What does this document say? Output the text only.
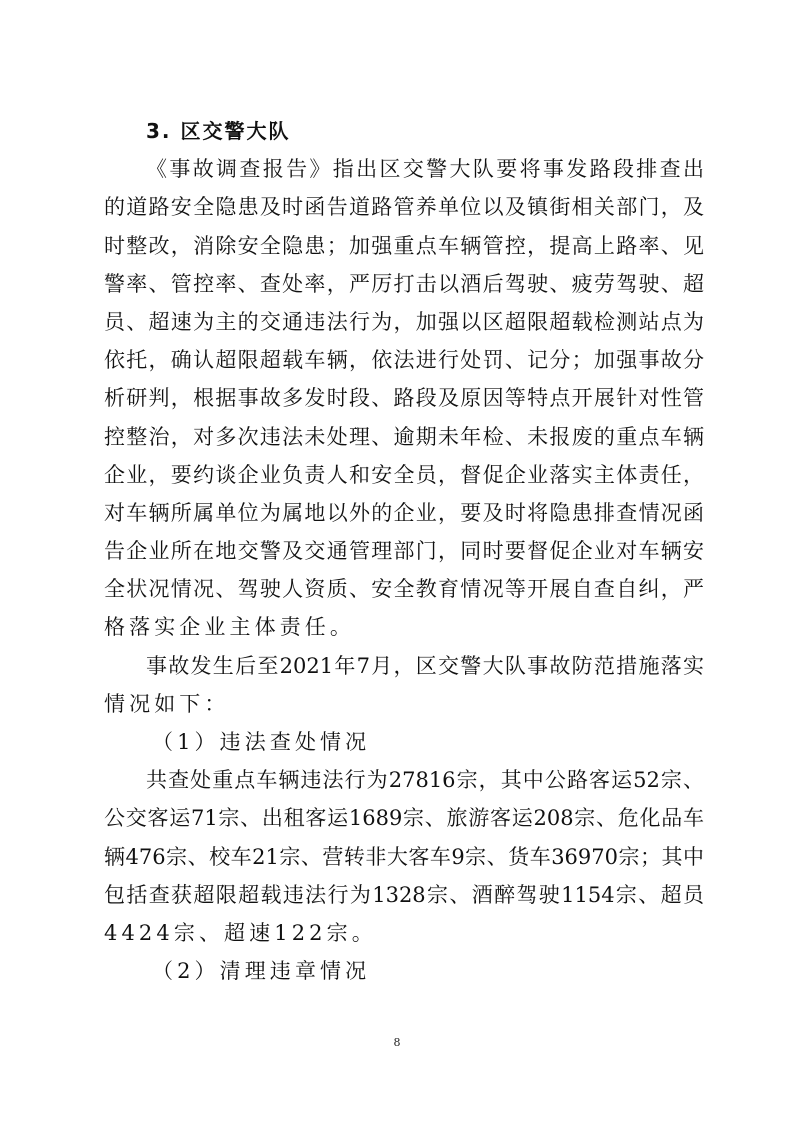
3. 区交警大队
《事故调查报告》指出区交警大队要将事发路段排查出
的道路安全隐患及时函告道路管养单位以及镇街相关部门，及
时整改，消除安全隐患；加强重点车辆管控，提高上路率、见
警率、管控率、查处率，严厉打击以酒后驾驶、疲劳驾驶、超
员、超速为主的交通违法行为，加强以区超限超载检测站点为
依托，确认超限超载车辆，依法进行处罚、记分；加强事故分
析研判，根据事故多发时段、路段及原因等特点开展针对性管
控整治，对多次违法未处理、逾期未年检、未报废的重点车辆
企业，要约谈企业负责人和安全员，督促企业落实主体责任，
对车辆所属单位为属地以外的企业，要及时将隐患排查情况函
告企业所在地交警及交通管理部门，同时要督促企业对车辆安
全状况情况、驾驶人资质、安全教育情况等开展自查自纠，严
格落实企业主体责任。
事故发生后至2021年7月，区交警大队事故防范措施落实
情况如下：
（1）违法查处情况
共查处重点车辆违法行为27816宗，其中公路客运52宗、
公交客运71宗、出租客运1689宗、旅游客运208宗、危化品车
辆476宗、校车21宗、营转非大客车9宗、货车36970宗；其中
包括查获超限超载违法行为1328宗、酒醉驾驶1154宗、超员
4424宗、超速122宗。
（2）清理违章情况
8
